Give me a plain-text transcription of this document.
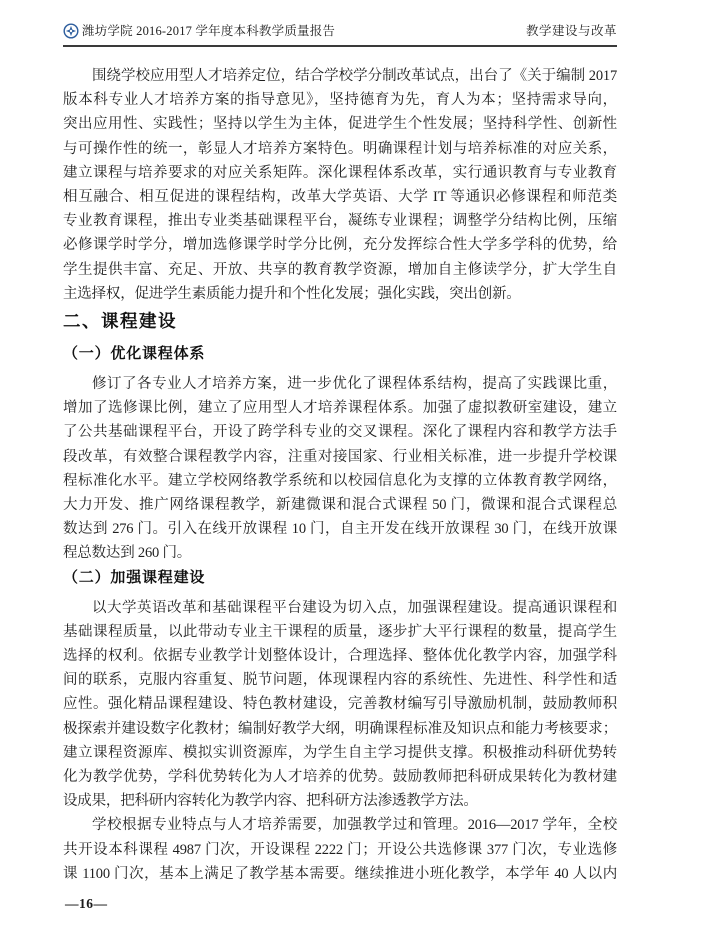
潍坊学院 2016-2017 学年度本科教学质量报告	教学建设与改革
围绕学校应用型人才培养定位，结合学校学分制改革试点，出台了《关于编制 2017
版本科专业人才培养方案的指导意见》，坚持德育为先，育人为本；坚持需求导向，
突出应用性、实践性；坚持以学生为主体，促进学生个性发展；坚持科学性、创新性
与可操作性的统一，彰显人才培养方案特色。明确课程计划与培养标准的对应关系，
建立课程与培养要求的对应关系矩阵。深化课程体系改革，实行通识教育与专业教育
相互融合、相互促进的课程结构，改革大学英语、大学 IT 等通识必修课程和师范类
专业教育课程，推出专业类基础课程平台，凝练专业课程；调整学分结构比例，压缩
必修课学时学分，增加选修课学时学分比例，充分发挥综合性大学多学科的优势，给
学生提供丰富、充足、开放、共享的教育教学资源，增加自主修读学分，扩大学生自
主选择权，促进学生素质能力提升和个性化发展；强化实践，突出创新。
二、课程建设
（一）优化课程体系
修订了各专业人才培养方案，进一步优化了课程体系结构，提高了实践课比重，
增加了选修课比例，建立了应用型人才培养课程体系。加强了虚拟教研室建设，建立
了公共基础课程平台，开设了跨学科专业的交叉课程。深化了课程内容和教学方法手
段改革，有效整合课程教学内容，注重对接国家、行业相关标准，进一步提升学校课
程标准化水平。建立学校网络教学系统和以校园信息化为支撑的立体教育教学网络，
大力开发、推广网络课程教学，新建微课和混合式课程 50 门，微课和混合式课程总
数达到 276 门。引入在线开放课程 10 门，自主开发在线开放课程 30 门，在线开放课
程总数达到 260 门。
（二）加强课程建设
以大学英语改革和基础课程平台建设为切入点，加强课程建设。提高通识课程和
基础课程质量，以此带动专业主干课程的质量，逐步扩大平行课程的数量，提高学生
选择的权利。依据专业教学计划整体设计，合理选择、整体优化教学内容，加强学科
间的联系，克服内容重复、脱节问题，体现课程内容的系统性、先进性、科学性和适
应性。强化精品课程建设、特色教材建设，完善教材编写引导激励机制，鼓励教师积
极探索并建设数字化教材；编制好教学大纲，明确课程标准及知识点和能力考核要求；
建立课程资源库、模拟实训资源库，为学生自主学习提供支撑。积极推动科研优势转
化为教学优势，学科优势转化为人才培养的优势。鼓励教师把科研成果转化为教材建
设成果，把科研内容转化为教学内容、把科研方法渗透教学方法。
学校根据专业特点与人才培养需要，加强教学过和管理。2016—2017 学年，全校
共开设本科课程 4987 门次，开设课程 2222 门；开设公共选修课 377 门次，专业选修
课 1100 门次，基本上满足了教学基本需要。继续推进小班化教学，本学年 40 人以内
—16—
